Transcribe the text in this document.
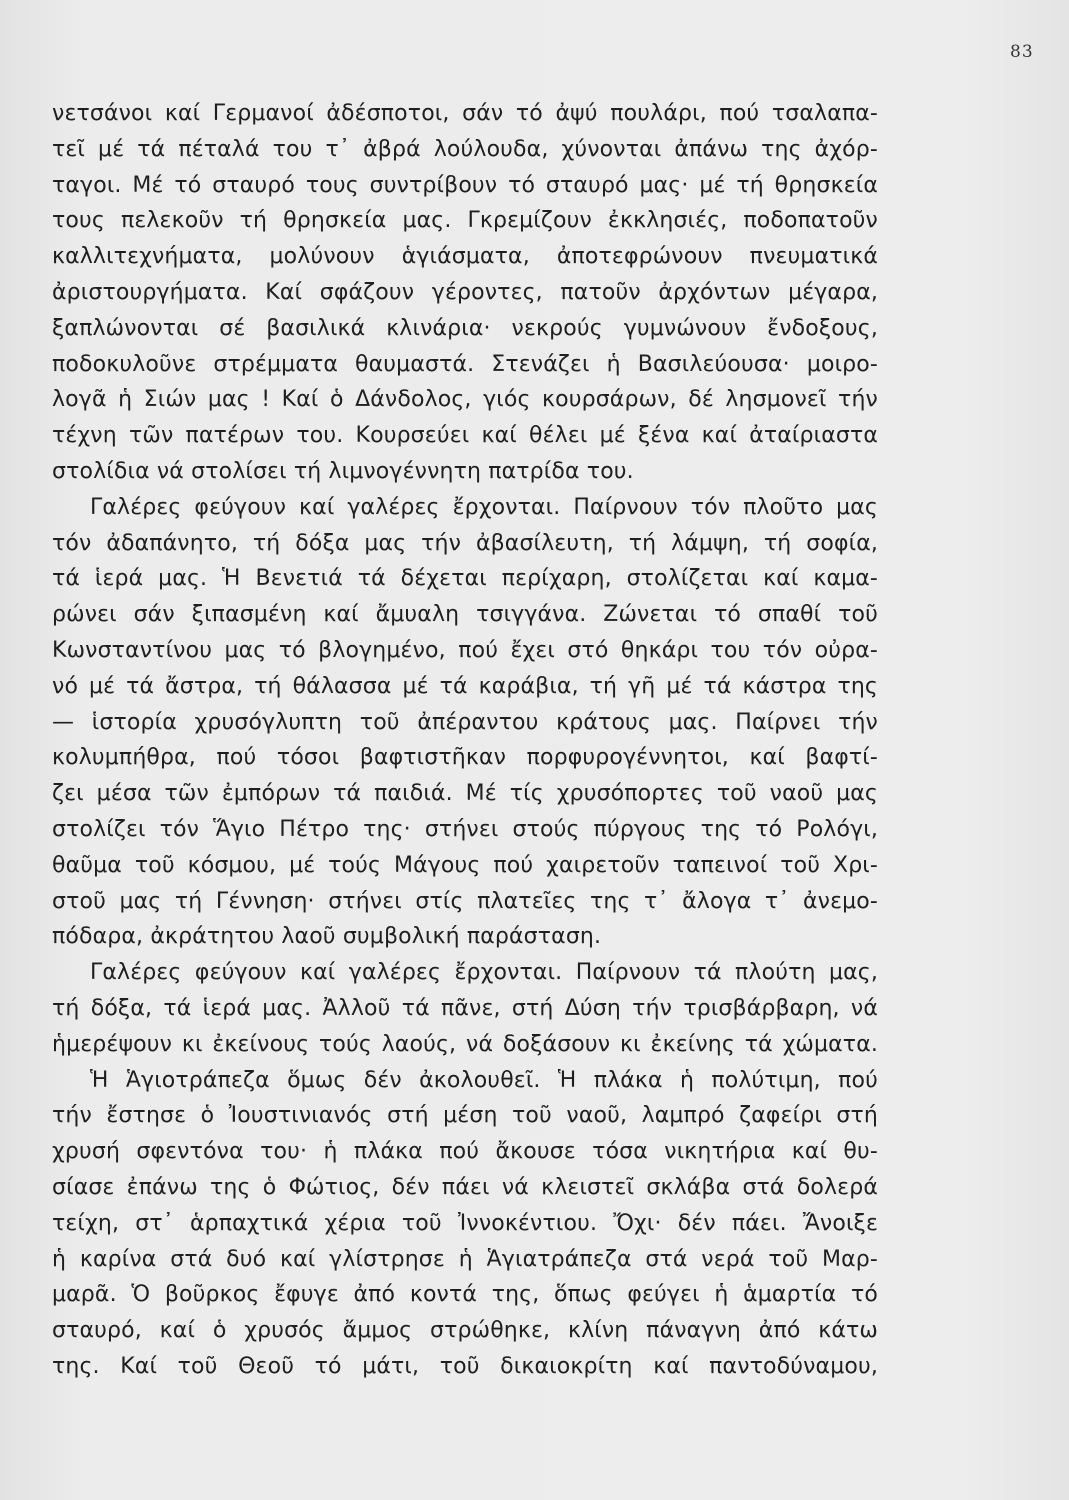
83
νετσάνοι καί Γερμανοί ἀδέσποτοι, σάν τό ἀψύ πουλάρι, πού τσαλαπα-
τεῖ μέ τά πέταλά του τ᾽ ἀβρά λούλουδα, χύνονται ἀπάνω της ἀχόρ-
ταγοι. Μέ τό σταυρό τους συντρίβουν τό σταυρό μας· μέ τή θρησκεία
τους πελεκοῦν τή θρησκεία μας. Γκρεμίζουν ἐκκλησιές, ποδοπατοῦν
καλλιτεχνήματα, μολύνουν ἁγιάσματα, ἀποτεφρώνουν πνευματικά
ἀριστουργήματα. Καί σφάζουν γέροντες, πατοῦν ἀρχόντων μέγαρα,
ξαπλώνονται σέ βασιλικά κλινάρια· νεκρούς γυμνώνουν ἔνδοξους,
ποδοκυλοῦνε στρέμματα θαυμαστά. Στενάζει ἡ Βασιλεύουσα· μοιρο-
λογᾶ ἡ Σιών μας ! Καί ὁ Δάνδολος, γιός κουρσάρων, δέ λησμονεῖ τήν
τέχνη τῶν πατέρων του. Κουρσεύει καί θέλει μέ ξένα καί ἀταίριαστα
στολίδια νά στολίσει τή λιμνογέννητη πατρίδα του.
Γαλέρες φεύγουν καί γαλέρες ἔρχονται. Παίρνουν τόν πλοῦτο μας
τόν ἀδαπάνητο, τή δόξα μας τήν ἀβασίλευτη, τή λάμψη, τή σοφία,
τά ἱερά μας. Ἡ Βενετιά τά δέχεται περίχαρη, στολίζεται καί καμα-
ρώνει σάν ξιπασμένη καί ἄμυαλη τσιγγάνα. Ζώνεται τό σπαθί τοῦ
Κωνσταντίνου μας τό βλογημένο, πού ἔχει στό θηκάρι του τόν οὐρα-
νό μέ τά ἄστρα, τή θάλασσα μέ τά καράβια, τή γῆ μέ τά κάστρα της
— ἱστορία χρυσόγλυπτη τοῦ ἀπέραντου κράτους μας. Παίρνει τήν
κολυμπήθρα, πού τόσοι βαφτιστῆκαν πορφυρογέννητοι, καί βαφτί-
ζει μέσα τῶν ἐμπόρων τά παιδιά. Μέ τίς χρυσόπορτες τοῦ ναοῦ μας
στολίζει τόν Ἅγιο Πέτρο της· στήνει στούς πύργους της τό Ρολόγι,
θαῦμα τοῦ κόσμου, μέ τούς Μάγους πού χαιρετοῦν ταπεινοί τοῦ Χρι-
στοῦ μας τή Γέννηση· στήνει στίς πλατεῖες της τ᾽ ἄλογα τ᾽ ἀνεμο-
πόδαρα, ἀκράτητου λαοῦ συμβολική παράσταση.
Γαλέρες φεύγουν καί γαλέρες ἔρχονται. Παίρνουν τά πλούτη μας,
τή δόξα, τά ἱερά μας. Ἀλλοῦ τά πᾶνε, στή Δύση τήν τρισβάρβαρη, νά
ἡμερέψουν κι ἐκείνους τούς λαούς, νά δοξάσουν κι ἐκείνης τά χώματα.
Ἡ Ἁγιοτράπεζα ὅμως δέν ἀκολουθεῖ. Ἡ πλάκα ἡ πολύτιμη, πού
τήν ἔστησε ὁ Ἰουστινιανός στή μέση τοῦ ναοῦ, λαμπρό ζαφείρι στή
χρυσή σφεντόνα του· ἡ πλάκα πού ἄκουσε τόσα νικητήρια καί θυ-
σίασε ἐπάνω της ὁ Φώτιος, δέν πάει νά κλειστεῖ σκλάβα στά δολερά
τείχη, στ᾽ ἁρπαχτικά χέρια τοῦ Ἰννοκέντιου. Ὄχι· δέν πάει. Ἄνοιξε
ἡ καρίνα στά δυό καί γλίστρησε ἡ Ἁγιατράπεζα στά νερά τοῦ Μαρ-
μαρᾶ. Ὁ βοῦρκος ἔφυγε ἀπό κοντά της, ὅπως φεύγει ἡ ἁμαρτία τό
σταυρό, καί ὁ χρυσός ἄμμος στρώθηκε, κλίνη πάναγνη ἀπό κάτω
της. Καί τοῦ Θεοῦ τό μάτι, τοῦ δικαιοκρίτη καί παντοδύναμου,
